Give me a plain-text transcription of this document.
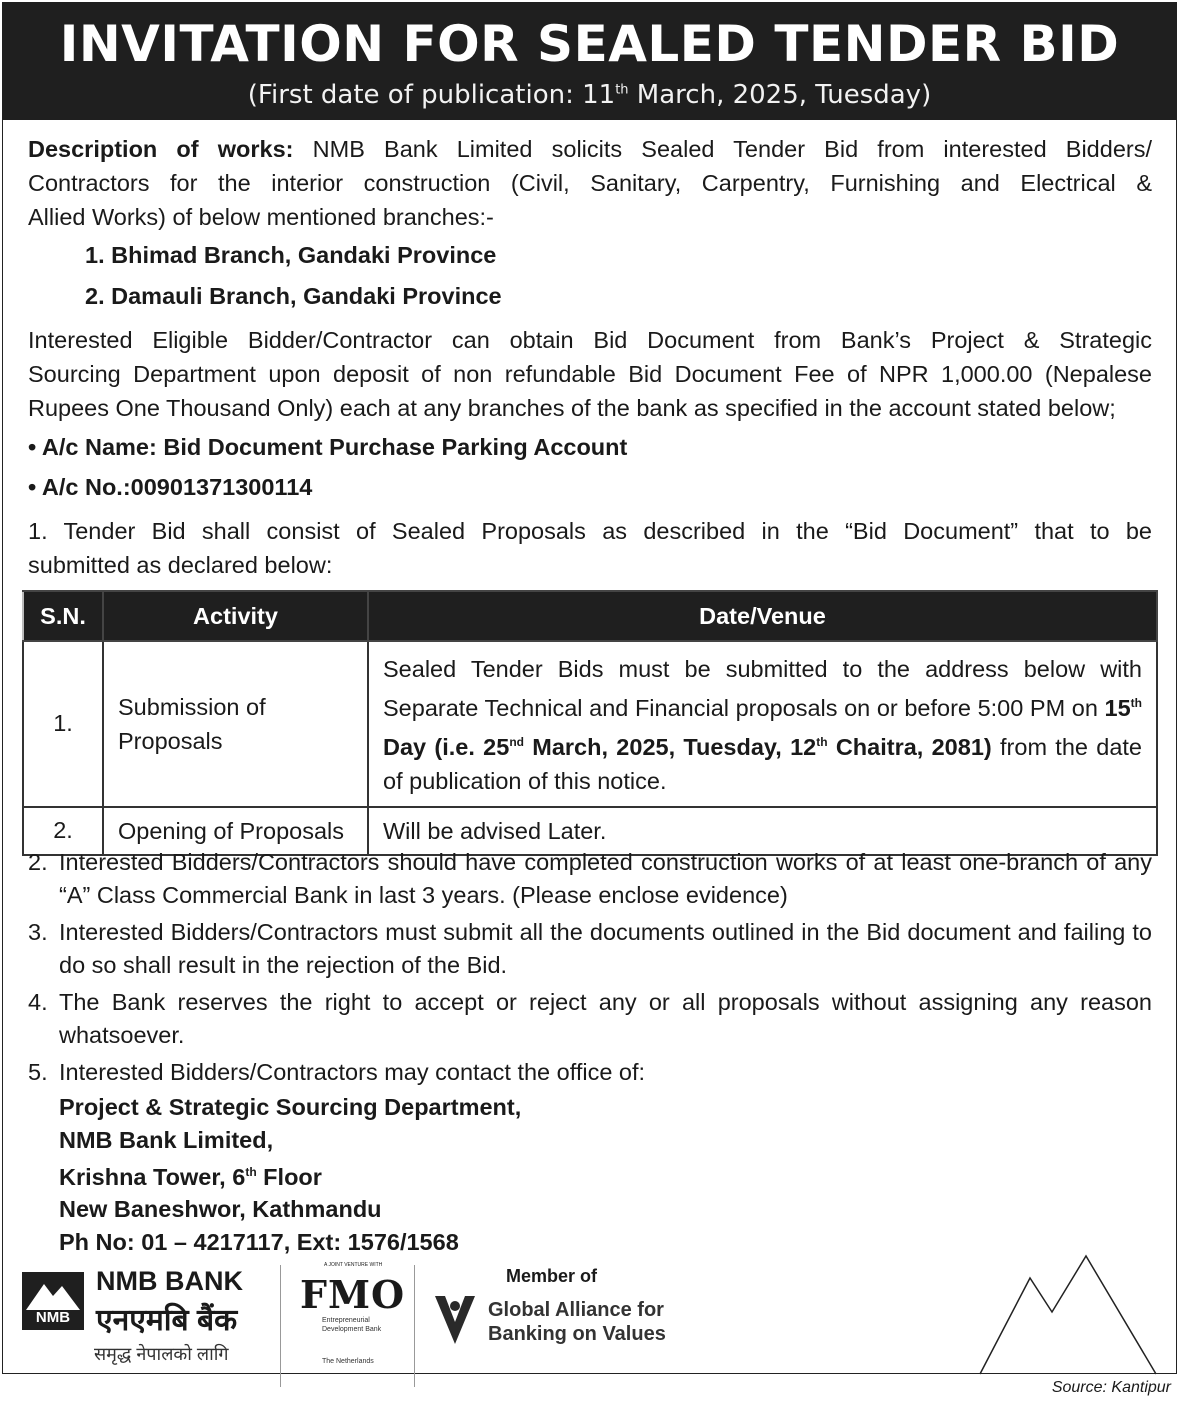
INVITATION FOR SEALED TENDER BID
(First date of publication: 11th March, 2025, Tuesday)
Description of works: NMB Bank Limited solicits Sealed Tender Bid from interested Bidders/
Contractors for the interior construction (Civil, Sanitary, Carpentry, Furnishing and Electrical &
Allied Works) of below mentioned branches:-
1. Bhimad Branch, Gandaki Province
2. Damauli Branch, Gandaki Province
Interested Eligible Bidder/Contractor can obtain Bid Document from Bank’s Project & Strategic
Sourcing Department upon deposit of non refundable Bid Document Fee of NPR 1,000.00 (Nepalese
Rupees One Thousand Only) each at any branches of the bank as specified in the account stated below;
• A/c Name: Bid Document Purchase Parking Account
• A/c No.:00901371300114
1. Tender Bid shall consist of Sealed Proposals as described in the “Bid Document” that to be
submitted as declared below:
S.N.	Activity	Date/Venue
1.	Submission of Proposals	Sealed Tender Bids must be submitted to the address below with Separate Technical and Financial proposals on or before 5:00 PM on 15th Day (i.e. 25nd March, 2025, Tuesday, 12th Chaitra, 2081) from the date of publication of this notice.
2.	Opening of Proposals	Will be advised Later.
2. Interested Bidders/Contractors should have completed construction works of at least one-branch of any “A” Class Commercial Bank in last 3 years. (Please enclose evidence)
3. Interested Bidders/Contractors must submit all the documents outlined in the Bid document and failing to do so shall result in the rejection of the Bid.
4. The Bank reserves the right to accept or reject any or all proposals without assigning any reason whatsoever.
5. Interested Bidders/Contractors may contact the office of:
Project & Strategic Sourcing Department,
NMB Bank Limited,
Krishna Tower, 6th Floor
New Baneshwor, Kathmandu
Ph No: 01 – 4217117, Ext: 1576/1568
NMB
NMB BANK
एनएमबि बैंक
समृद्ध नेपालको लागि
A JOINT VENTURE WITH
FMO
Entrepreneurial Development Bank
The Netherlands
Member of
Global Alliance for
Banking on Values
Source: Kantipur
